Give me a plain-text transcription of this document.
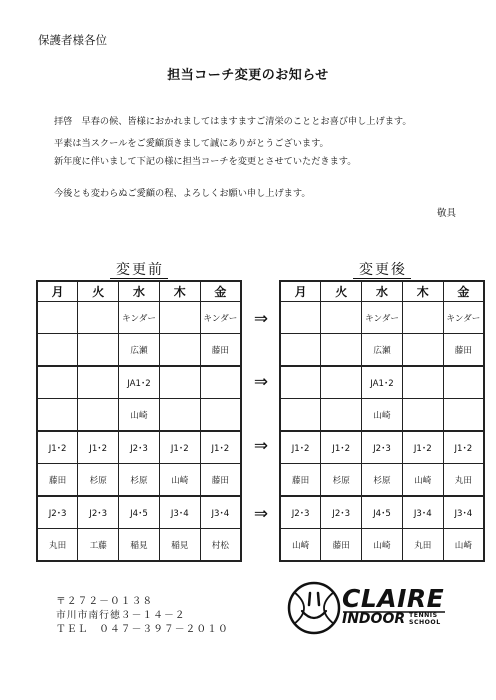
保護者様各位
担当コーチ変更のお知らせ
拝啓　早春の候、皆様におかれましてはますますご清栄のこととお喜び申し上げます。
平素は当スクールをご愛顧頂きまして誠にありがとうございます。
新年度に伴いまして下記の様に担当コーチを変更とさせていただきます。
今後とも変わらぬご愛顧の程、よろしくお願い申し上げます。
敬具
変更前	変更後
月	火	水	木	金
		キンダー		キンダー
		広瀬		藤田
		JA1･2		
		山崎		
J1･2	J1･2	J2･3	J1･2	J1･2
藤田	杉原	杉原	山崎	藤田
J2･3	J2･3	J4･5	J3･4	J3･4
丸田	工藤	稲見	稲見	村松
⇒
⇒
⇒
⇒
月	火	水	木	金
		キンダー		キンダー
		広瀬		藤田
		JA1･2		
		山崎		
J1･2	J1･2	J2･3	J1･2	J1･2
藤田	杉原	杉原	山崎	丸田
J2･3	J2･3	J4･5	J3･4	J3･4
山崎	藤田	山崎	丸田	山崎
〒２７２－０１３８
市川市南行徳３－１４－２
ＴＥＬ　０４７－３９７－２０１０
CLAIRE
INDOOR TENNIS
SCHOOL
